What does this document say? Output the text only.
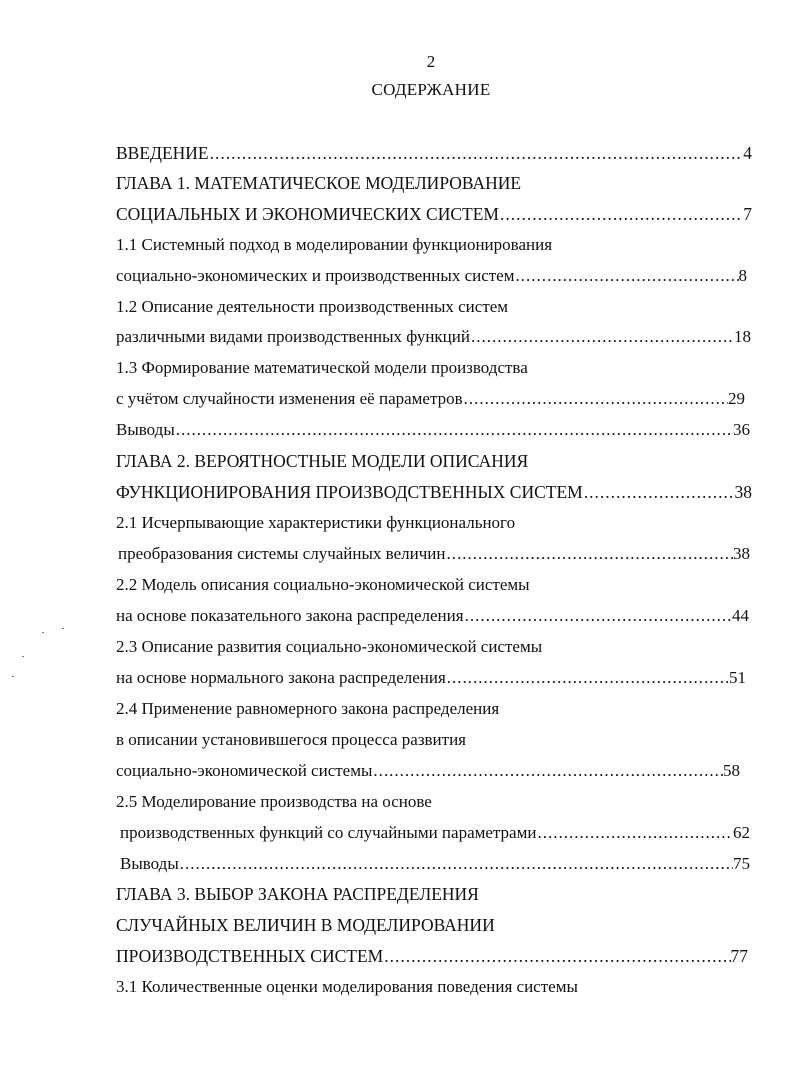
2
СОДЕРЖАНИЕ
ВВЕДЕНИЕ .....	4
ГЛАВА 1. МАТЕМАТИЧЕСКОЕ МОДЕЛИРОВАНИЕ
СОЦИАЛЬНЫХ И ЭКОНОМИЧЕСКИХ СИСТЕМ .....	7
1.1 Системный подход в моделировании функционирования
социально-экономических и производственных систем .....	8
1.2 Описание деятельности производственных систем
различными видами производственных функций .....	18
1.3 Формирование математической модели производства
с учётом случайности изменения её параметров .....	29
Выводы .....	36
ГЛАВА 2. ВЕРОЯТНОСТНЫЕ МОДЕЛИ ОПИСАНИЯ
ФУНКЦИОНИРОВАНИЯ ПРОИЗВОДСТВЕННЫХ СИСТЕМ .....	38
2.1 Исчерпывающие характеристики функционального
преобразования системы случайных величин .....	38
2.2 Модель описания социально-экономической системы
на основе показательного закона распределения .....	44
2.3 Описание развития социально-экономической системы
на основе нормального закона распределения .....	51
2.4 Применение равномерного закона распределения
в описании установившегося процесса развития
социально-экономической системы .....	58
2.5 Моделирование производства на основе
производственных функций со случайными параметрами .....	62
Выводы .....	75
ГЛАВА 3. ВЫБОР ЗАКОНА РАСПРЕДЕЛЕНИЯ
СЛУЧАЙНЫХ ВЕЛИЧИН В МОДЕЛИРОВАНИИ
ПРОИЗВОДСТВЕННЫХ СИСТЕМ .....	77
3.1 Количественные оценки моделирования поведения системы
